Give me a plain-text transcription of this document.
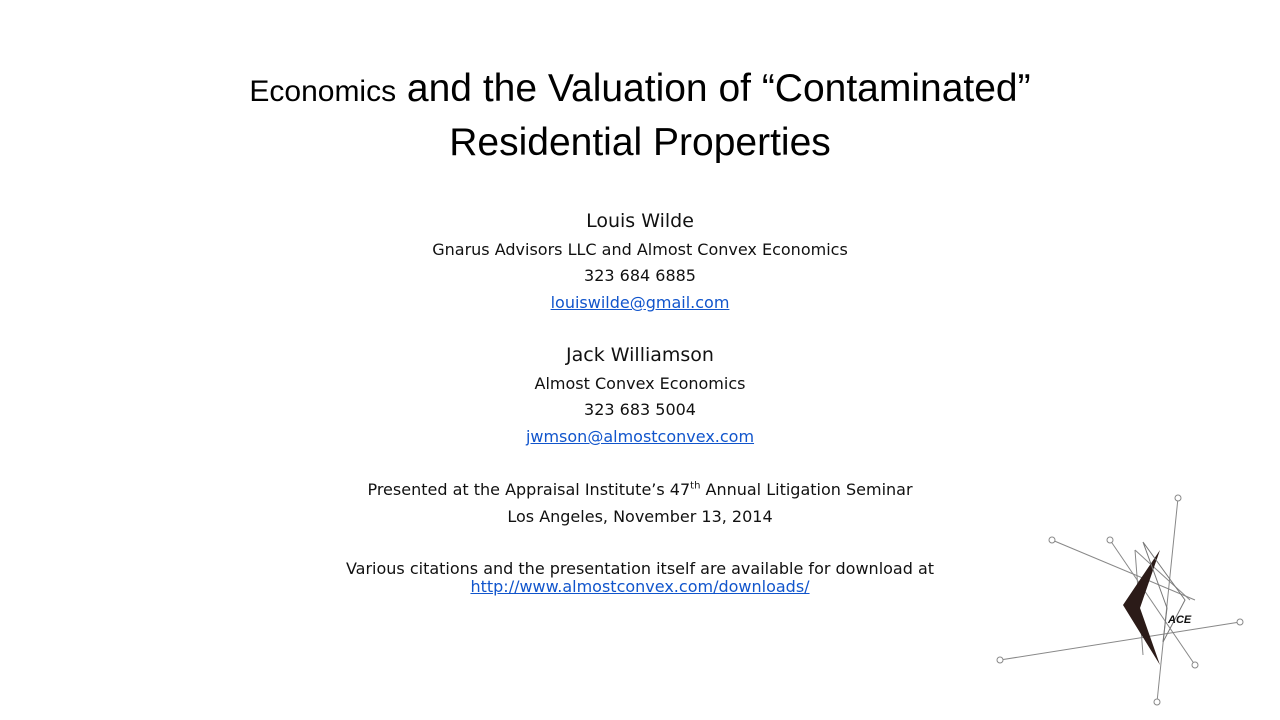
Economics and the Valuation of “Contaminated”
Residential Properties
Louis Wilde
Gnarus Advisors LLC and Almost Convex Economics
323 684 6885
louiswilde@gmail.com
Jack Williamson
Almost Convex Economics
323 683 5004
jwmson@almostconvex.com
Presented at the Appraisal Institute’s 47th Annual Litigation Seminar
Los Angeles, November 13, 2014
Various citations and the presentation itself are available for download at
http://www.almostconvex.com/downloads/
ACE
